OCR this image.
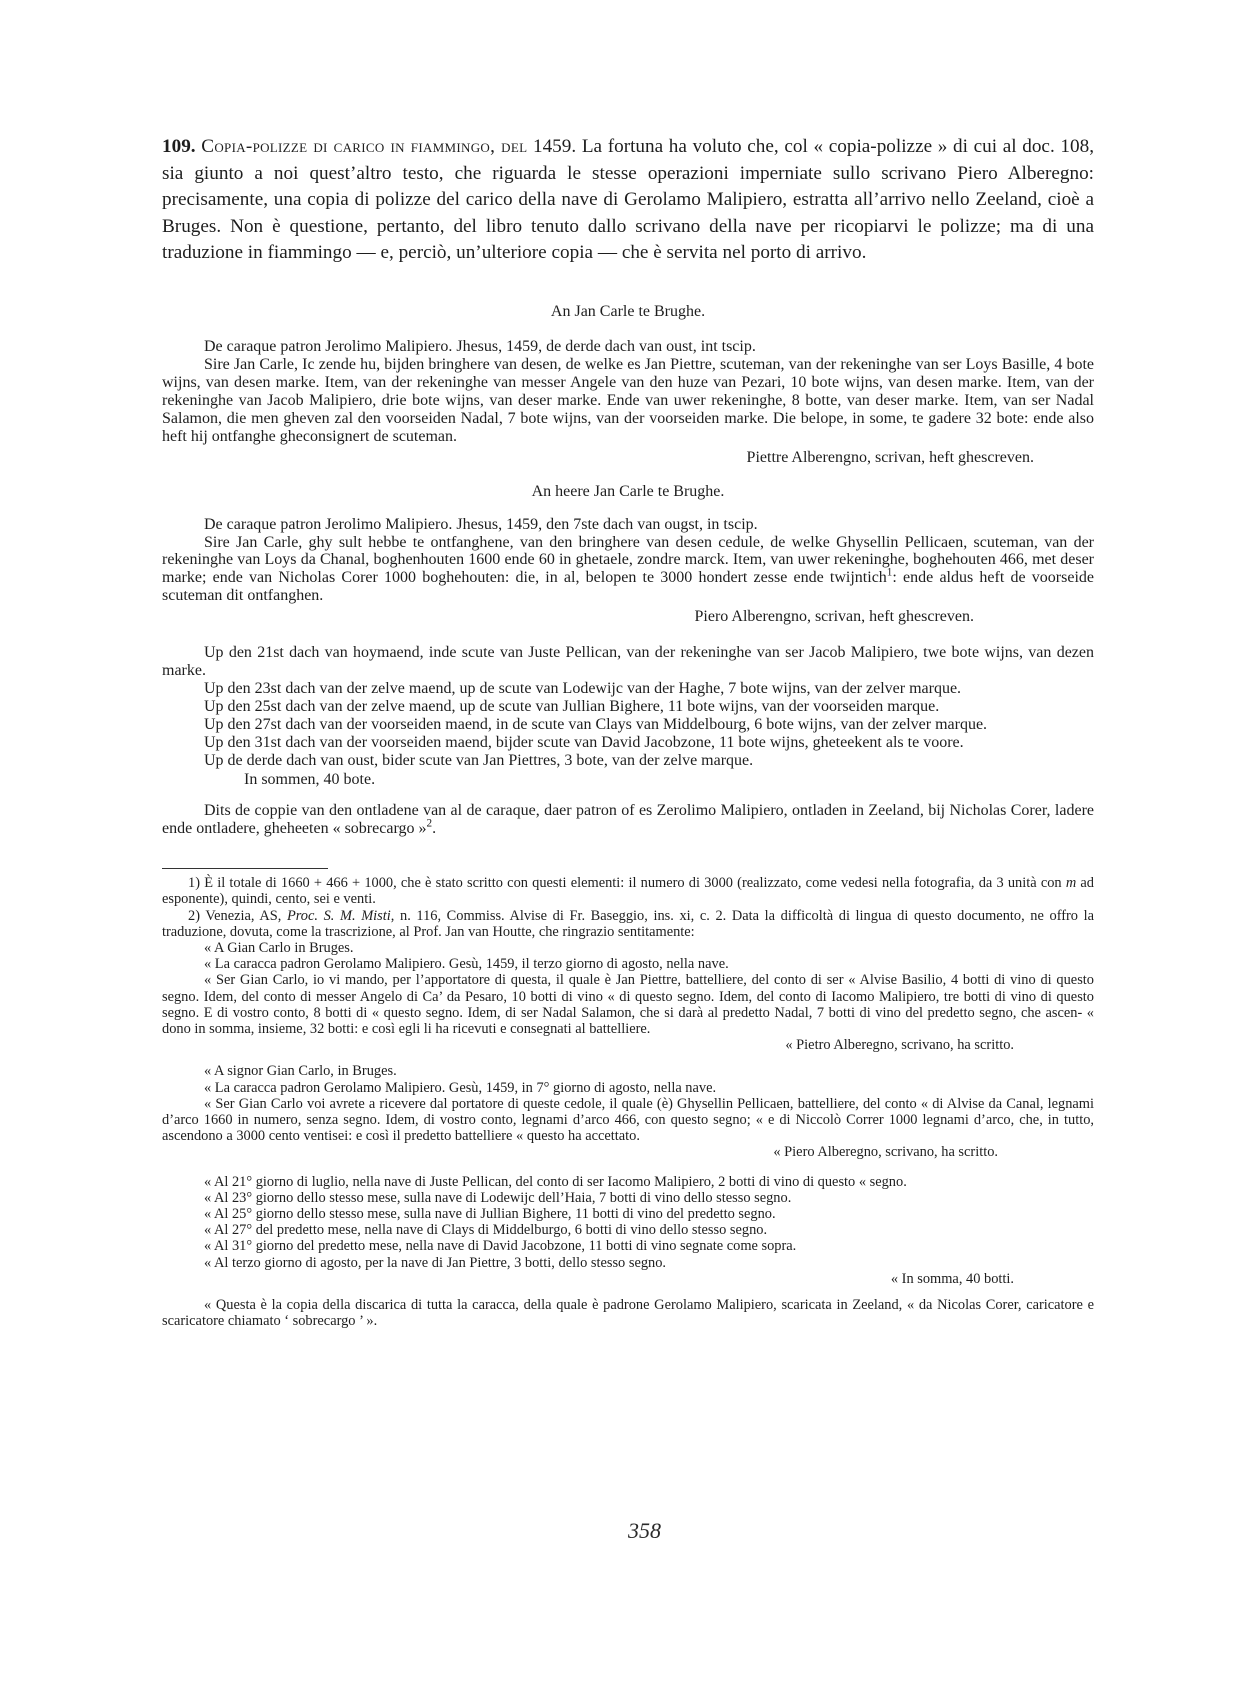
109. Copia-polizze di carico in fiammingo, del 1459. La fortuna ha voluto che, col « copia-polizze » di cui al doc. 108, sia giunto a noi quest’altro testo, che riguarda le stesse operazioni imperniate sullo scrivano Piero Alberegno: precisamente, una copia di polizze del carico della nave di Gerolamo Malipiero, estratta all’arrivo nello Zeeland, cioè a Bruges. Non è questione, pertanto, del libro tenuto dallo scrivano della nave per ricopiarvi le polizze; ma di una traduzione in fiammingo — e, perciò, un’ulteriore copia — che è servita nel porto di arrivo.

An Jan Carle te Brughe.

De caraque patron Jerolimo Malipiero. Jhesus, 1459, de derde dach van oust, int tscip.

Sire Jan Carle, Ic zende hu, bijden bringhere van desen, de welke es Jan Piettre, scuteman, van der rekeninghe van ser Loys Basille, 4 bote wijns, van desen marke. Item, van der rekeninghe van messer Angele van den huze van Pezari, 10 bote wijns, van desen marke. Item, van der rekeninghe van Jacob Malipiero, drie bote wijns, van deser marke. Ende van uwer rekeninghe, 8 botte, van deser marke. Item, van ser Nadal Salamon, die men gheven zal den voorseiden Nadal, 7 bote wijns, van der voorseiden marke. Die belope, in some, te gadere 32 bote: ende also heft hij ontfanghe gheconsignert de scuteman.

Piettre Alberengno, scrivan, heft ghescreven.

An heere Jan Carle te Brughe.

De caraque patron Jerolimo Malipiero. Jhesus, 1459, den 7ste dach van ougst, in tscip.

Sire Jan Carle, ghy sult hebbe te ontfanghene, van den bringhere van desen cedule, de welke Ghysellin Pellicaen, scuteman, van der rekeninghe van Loys da Chanal, boghenhouten 1600 ende 60 in ghetaele, zondre marck. Item, van uwer rekeninghe, boghehouten 466, met deser marke; ende van Nicholas Corer 1000 boghehouten: die, in al, belopen te 3000 hondert zesse ende twijntich$^1$: ende aldus heft de voorseide scuteman dit ontfanghen.

Piero Alberengno, scrivan, heft ghescreven.

Up den 21st dach van hoymaend, inde scute van Juste Pellican, van der rekeninghe van ser Jacob Malipiero, twe bote wijns, van dezen marke.

Up den 23st dach van der zelve maend, up de scute van Lodewijc van der Haghe, 7 bote wijns, van der zelver marque.

Up den 25st dach van der zelve maend, up de scute van Jullian Bighere, 11 bote wijns, van der voorseiden marque.

Up den 27st dach van der voorseiden maend, in de scute van Clays van Middelbourg, 6 bote wijns, van der zelver marque.

Up den 31st dach van der voorseiden maend, bijder scute van David Jacobzone, 11 bote wijns, gheteekent als te voore.

Up de derde dach van oust, bider scute van Jan Piettres, 3 bote, van der zelve marque.

In sommen, 40 bote.

Dits de coppie van den ontladene van al de caraque, daer patron of es Zerolimo Malipiero, ontladen in Zeeland, bij Nicholas Corer, ladere ende ontladere, gheheeten « sobrecargo »$^2$.

1) È il totale di 1660 + 466 + 1000, che è stato scritto con questi elementi: il numero di 3000 (realizzato, come vedesi nella fotografia, da 3 unità con m ad esponente), quindi, cento, sei e venti.

2) Venezia, AS, Proc. S. M. Misti, n. 116, Commiss. Alvise di Fr. Baseggio, ins. xi, c. 2. Data la difficoltà di lingua di questo documento, ne offro la traduzione, dovuta, come la trascrizione, al Prof. Jan van Houtte, che ringrazio sentitamente:

« A Gian Carlo in Bruges.

« La caracca padron Gerolamo Malipiero. Gesù, 1459, il terzo giorno di agosto, nella nave.

« Ser Gian Carlo, io vi mando, per l’apportatore di questa, il quale è Jan Piettre, battelliere, del conto di ser « Alvise Basilio, 4 botti di vino di questo segno. Idem, del conto di messer Angelo di Ca’ da Pesaro, 10 botti di vino « di questo segno. Idem, del conto di Iacomo Malipiero, tre botti di vino di questo segno. E di vostro conto, 8 botti di « questo segno. Idem, di ser Nadal Salamon, che si darà al predetto Nadal, 7 botti di vino del predetto segno, che ascen- « dono in somma, insieme, 32 botti: e così egli li ha ricevuti e consegnati al battelliere.

« Pietro Alberegno, scrivano, ha scritto.

« A signor Gian Carlo, in Bruges.

« La caracca padron Gerolamo Malipiero. Gesù, 1459, in 7° giorno di agosto, nella nave.

« Ser Gian Carlo voi avrete a ricevere dal portatore di queste cedole, il quale (è) Ghysellin Pellicaen, battelliere, del conto « di Alvise da Canal, legnami d’arco 1660 in numero, senza segno. Idem, di vostro conto, legnami d’arco 466, con questo segno; « e di Niccolò Correr 1000 legnami d’arco, che, in tutto, ascendono a 3000 cento ventisei: e così il predetto battelliere « questo ha accettato.

« Piero Alberegno, scrivano, ha scritto.

« Al 21° giorno di luglio, nella nave di Juste Pellican, del conto di ser Iacomo Malipiero, 2 botti di vino di questo « segno.

« Al 23° giorno dello stesso mese, sulla nave di Lodewijc dell’Haia, 7 botti di vino dello stesso segno.

« Al 25° giorno dello stesso mese, sulla nave di Jullian Bighere, 11 botti di vino del predetto segno.

« Al 27° del predetto mese, nella nave di Clays di Middelburgo, 6 botti di vino dello stesso segno.

« Al 31° giorno del predetto mese, nella nave di David Jacobzone, 11 botti di vino segnate come sopra.

« Al terzo giorno di agosto, per la nave di Jan Piettre, 3 botti, dello stesso segno.

« In somma, 40 botti.

« Questa è la copia della discarica di tutta la caracca, della quale è padrone Gerolamo Malipiero, scaricata in Zeeland, « da Nicolas Corer, caricatore e scaricatore chiamato ‘ sobrecargo ’ ».

358
